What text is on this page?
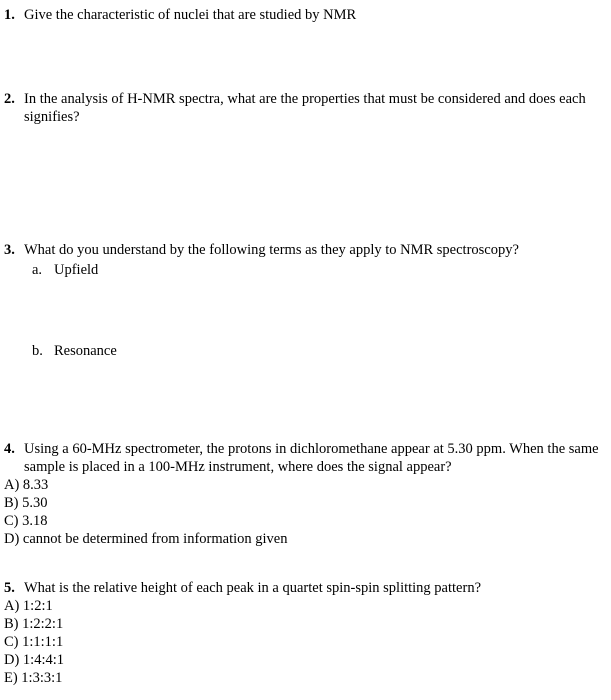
1. Give the characteristic of nuclei that are studied by NMR
2. In the analysis of H-NMR spectra, what are the properties that must be considered and does each signifies?
3. What do you understand by the following terms as they apply to NMR spectroscopy?
a. Upfield
b. Resonance
4. Using a 60-MHz spectrometer, the protons in dichloromethane appear at 5.30 ppm. When the same sample is placed in a 100-MHz instrument, where does the signal appear?
A) 8.33
B) 5.30
C) 3.18
D) cannot be determined from information given
5. What is the relative height of each peak in a quartet spin-spin splitting pattern?
A) 1:2:1
B) 1:2:2:1
C) 1:1:1:1
D) 1:4:4:1
E) 1:3:3:1
